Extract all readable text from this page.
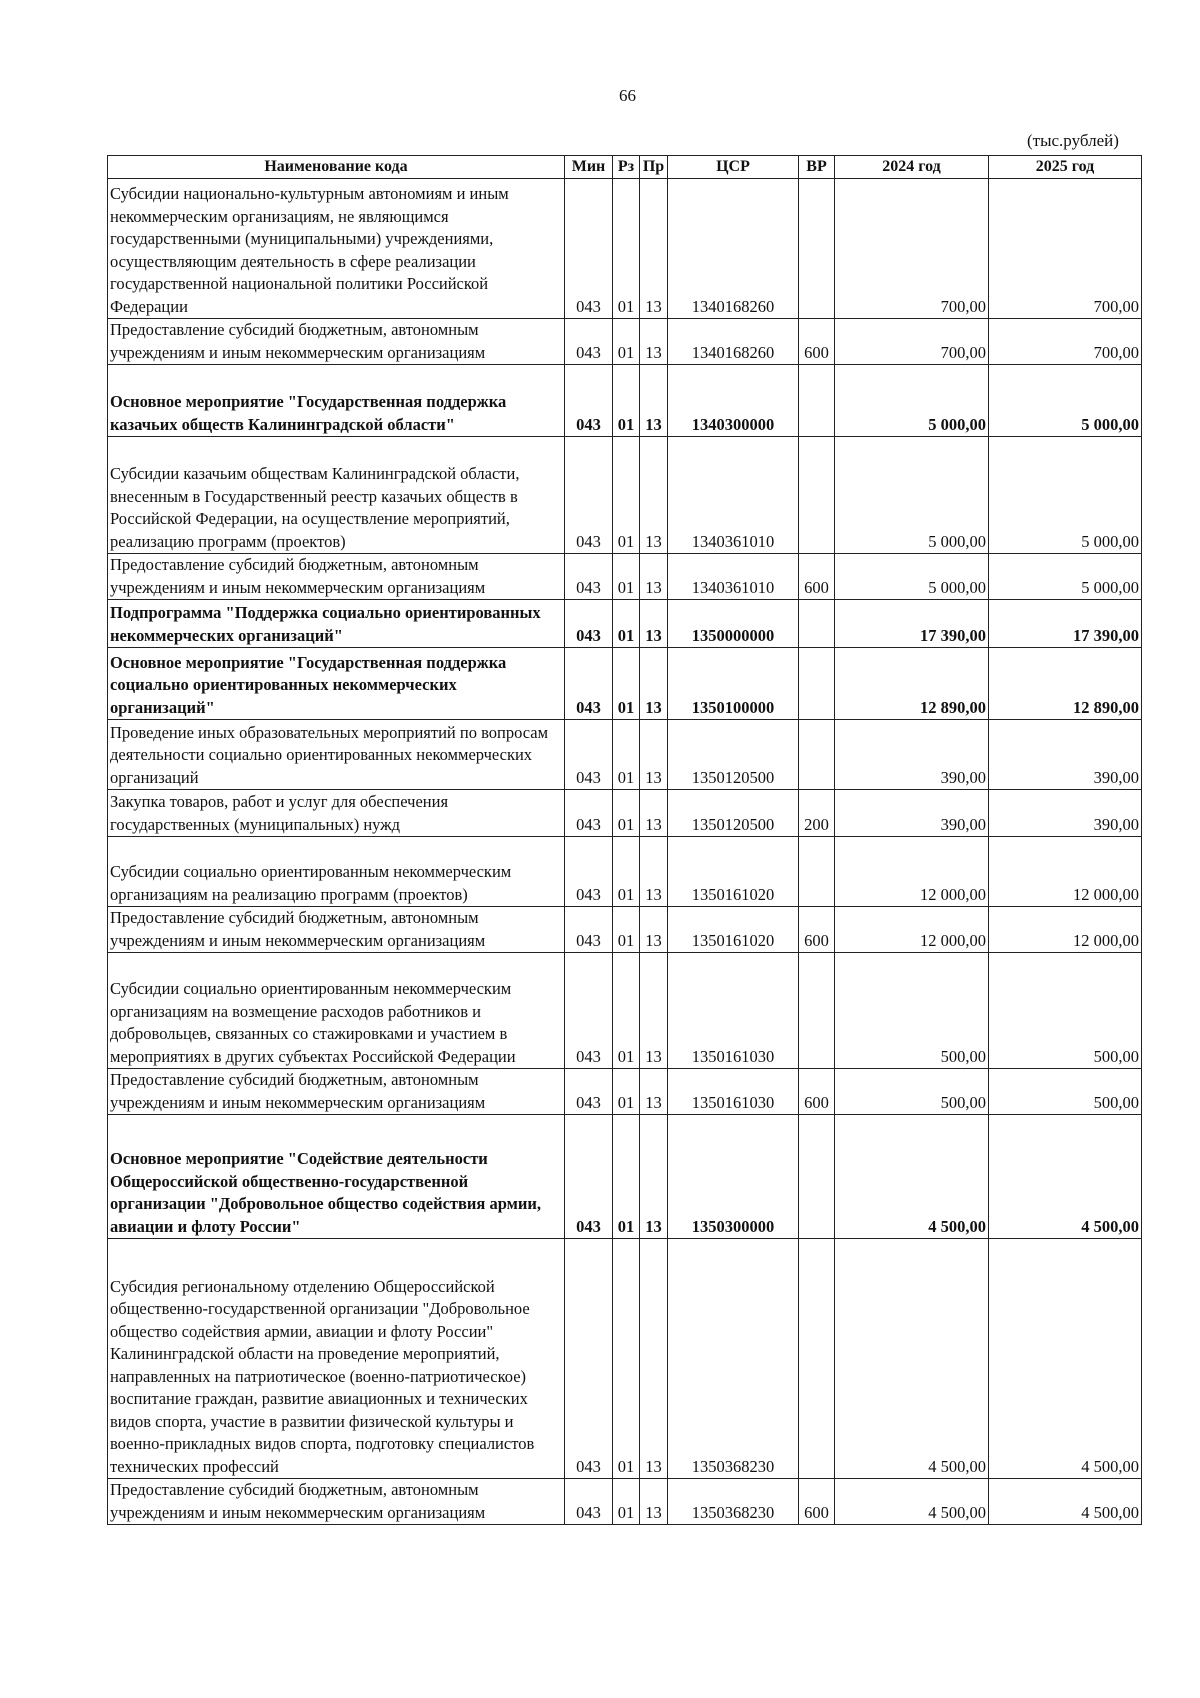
66
(тыс.рублей)
Наименование кода	Мин	Рз	Пр	ЦСР	ВР	2024 год	2025 год
Субсидии национально-культурным автономиям и иным некоммерческим организациям, не являющимся государственными (муниципальными) учреждениями, осуществляющим деятельность в сфере реализации государственной национальной политики Российской Федерации	043	01	13	1340168260		700,00	700,00
Предоставление субсидий бюджетным, автономным учреждениям и иным некоммерческим организациям	043	01	13	1340168260	600	700,00	700,00
Основное мероприятие "Государственная поддержка казачьих обществ Калининградской области"	043	01	13	1340300000		5 000,00	5 000,00
Субсидии казачьим обществам Калининградской области, внесенным в Государственный реестр казачьих обществ в Российской Федерации, на осуществление мероприятий, реализацию программ (проектов)	043	01	13	1340361010		5 000,00	5 000,00
Предоставление субсидий бюджетным, автономным учреждениям и иным некоммерческим организациям	043	01	13	1340361010	600	5 000,00	5 000,00
Подпрограмма "Поддержка социально ориентированных некоммерческих организаций"	043	01	13	1350000000		17 390,00	17 390,00
Основное мероприятие "Государственная поддержка социально ориентированных некоммерческих организаций"	043	01	13	1350100000		12 890,00	12 890,00
Проведение иных образовательных мероприятий по вопросам деятельности социально ориентированных некоммерческих организаций	043	01	13	1350120500		390,00	390,00
Закупка товаров, работ и услуг для обеспечения государственных (муниципальных) нужд	043	01	13	1350120500	200	390,00	390,00
Субсидии социально ориентированным некоммерческим организациям на реализацию программ (проектов)	043	01	13	1350161020		12 000,00	12 000,00
Предоставление субсидий бюджетным, автономным учреждениям и иным некоммерческим организациям	043	01	13	1350161020	600	12 000,00	12 000,00
Субсидии социально ориентированным некоммерческим организациям на возмещение расходов работников и добровольцев, связанных со стажировками и участием в мероприятиях в других субъектах Российской Федерации	043	01	13	1350161030		500,00	500,00
Предоставление субсидий бюджетным, автономным учреждениям и иным некоммерческим организациям	043	01	13	1350161030	600	500,00	500,00
Основное мероприятие "Содействие деятельности Общероссийской общественно-государственной организации "Добровольное общество содействия армии, авиации и флоту России"	043	01	13	1350300000		4 500,00	4 500,00
Субсидия региональному отделению Общероссийской общественно-государственной организации "Добровольное общество содействия армии, авиации и флоту России" Калининградской области на проведение мероприятий, направленных на патриотическое (военно-патриотическое) воспитание граждан, развитие авиационных и технических видов спорта, участие в развитии физической культуры и военно-прикладных видов спорта, подготовку специалистов технических профессий	043	01	13	1350368230		4 500,00	4 500,00
Предоставление субсидий бюджетным, автономным учреждениям и иным некоммерческим организациям	043	01	13	1350368230	600	4 500,00	4 500,00
